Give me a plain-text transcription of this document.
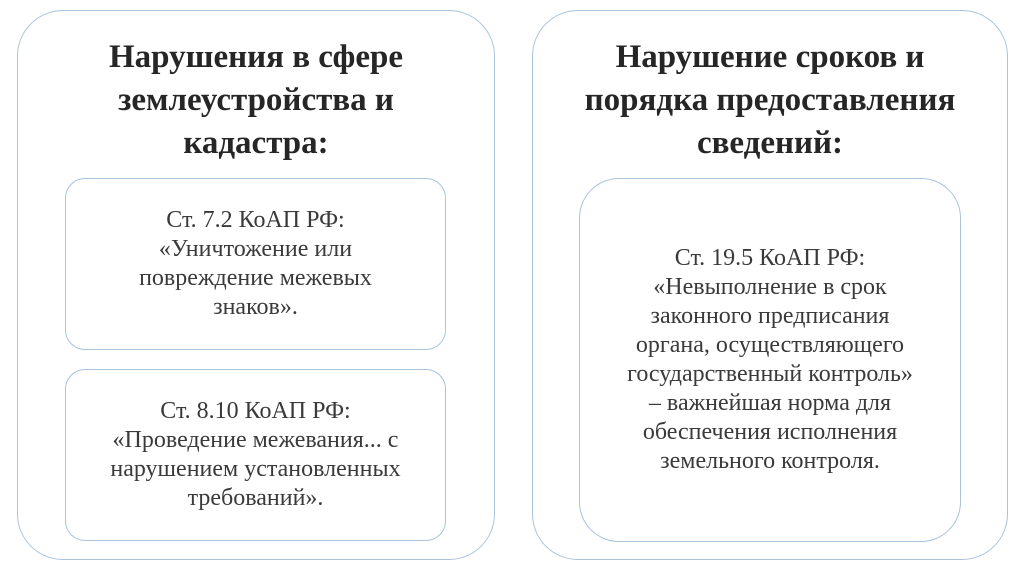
Нарушения в сфере
землеустройства и
кадастра:
Ст. 7.2 КоАП РФ:
«Уничтожение или
повреждение межевых
знаков».
Ст. 8.10 КоАП РФ:
«Проведение межевания... с
нарушением установленных
требований».
Нарушение сроков и
порядка предоставления
сведений:
Ст. 19.5 КоАП РФ:
«Невыполнение в срок
законного предписания
органа, осуществляющего
государственный контроль»
– важнейшая норма для
обеспечения исполнения
земельного контроля.
